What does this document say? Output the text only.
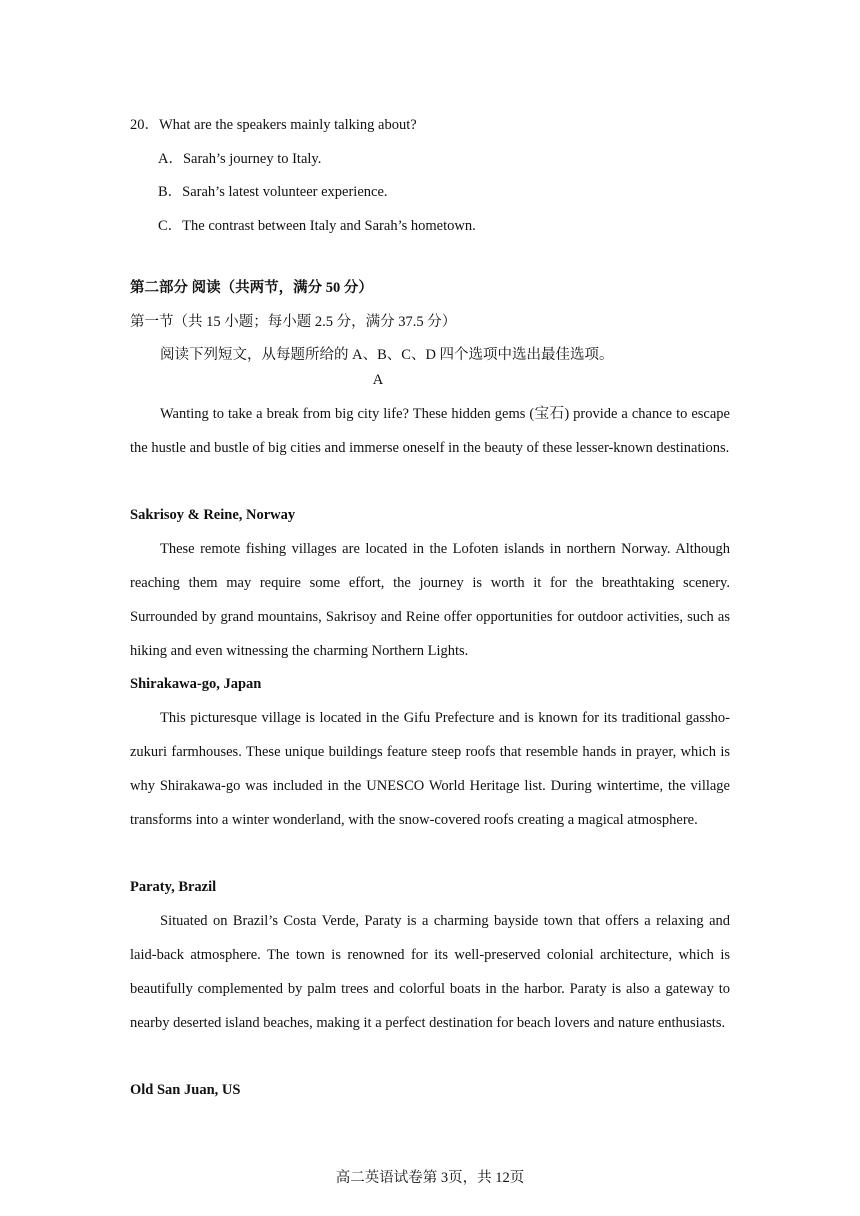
20．What are the speakers mainly talking about?
A．Sarah’s journey to Italy.
B．Sarah’s latest volunteer experience.
C．The contrast between Italy and Sarah’s hometown.
第二部分 阅读（共两节，满分 50 分）
第一节（共 15 小题；每小题 2.5 分，满分 37.5 分）
阅读下列短文，从每题所给的 A、B、C、D 四个选项中选出最佳选项。
A

Wanting to take a break from big city life? These hidden gems (宝石) provide a chance to escape the hustle and bustle of big cities and immerse oneself in the beauty of these lesser-known destinations.

Sakrisoy & Reine, Norway

These remote fishing villages are located in the Lofoten islands in northern Norway. Although reaching them may require some effort, the journey is worth it for the breathtaking scenery. Surrounded by grand mountains, Sakrisoy and Reine offer opportunities for outdoor activities, such as hiking and even witnessing the charming Northern Lights.

Shirakawa-go, Japan

This picturesque village is located in the Gifu Prefecture and is known for its traditional gassho-zukuri farmhouses. These unique buildings feature steep roofs that resemble hands in prayer, which is why Shirakawa-go was included in the UNESCO World Heritage list. During wintertime, the village transforms into a winter wonderland, with the snow-covered roofs creating a magical atmosphere.

Paraty, Brazil

Situated on Brazil’s Costa Verde, Paraty is a charming bayside town that offers a relaxing and laid-back atmosphere. The town is renowned for its well-preserved colonial architecture, which is beautifully complemented by palm trees and colorful boats in the harbor. Paraty is also a gateway to nearby deserted island beaches, making it a perfect destination for beach lovers and nature enthusiasts.

Old San Juan, US
高二英语试卷第 3页，共 12页
